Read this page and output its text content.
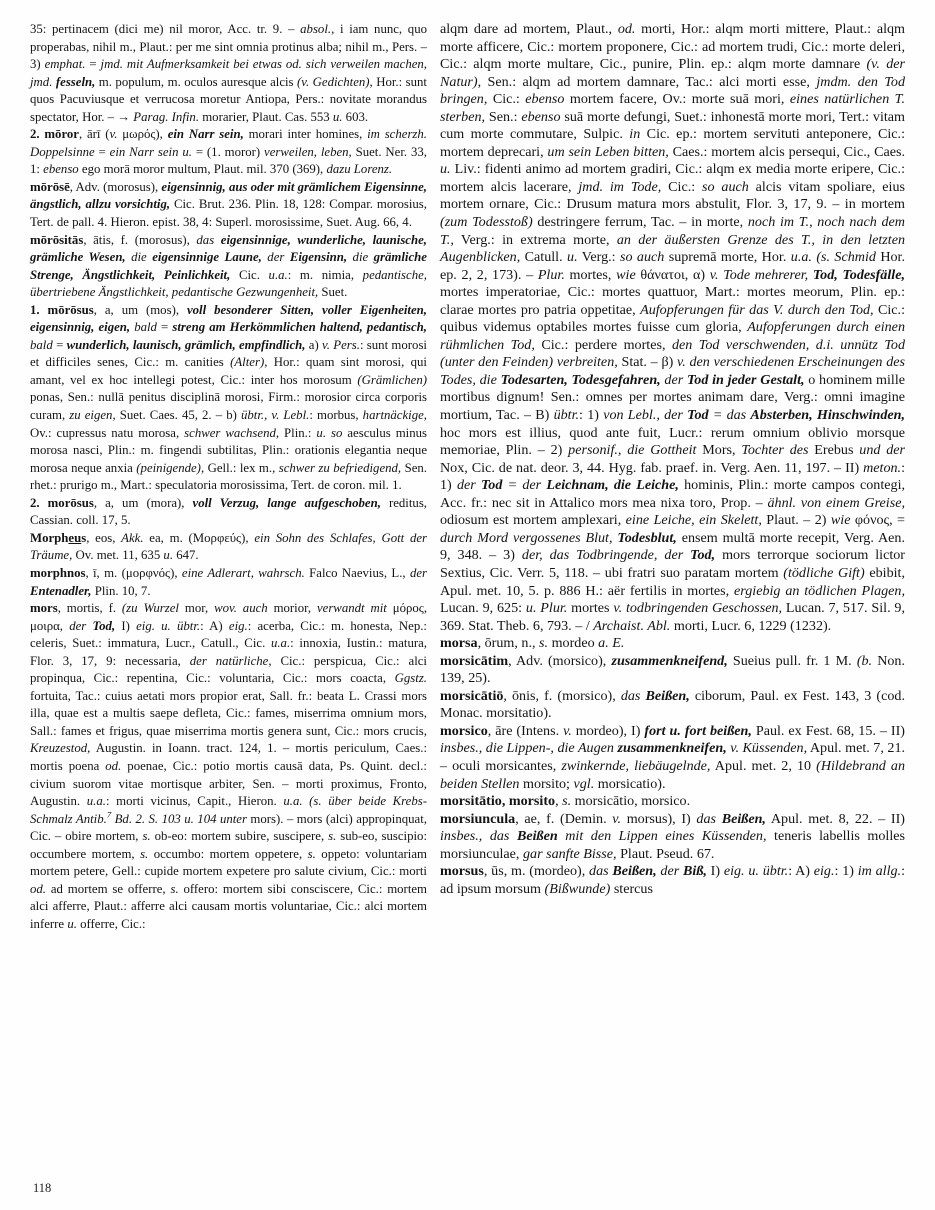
35: pertinacem (dici me) nil moror, Acc. tr. 9. – absol., i iam nunc, quo properabas, nihil m., Plaut.: per me sint omnia protinus alba; nihil m., Pers. – 3) emphat. = jmd. mit Aufmerksamkeit bei etwas od. sich verweilen machen, jmd. fesseln, m. populum, m. oculos auresque alcis (v. Gedichten), Hor.: sunt quos Pacuviusque et verrucosa moretur Antiopa, Pers.: novitate morandus spectator, Hor. – → Parag. Infin. morarier, Plaut. Cas. 553 u. 603.

2. mōror, ārī (v. μωρός), ein Narr sein, morari inter homines, im scherzh. Doppelsinne = ein Narr sein u. = (1. moror) verweilen, leben, Suet. Ner. 33, 1: ebenso ego morā moror multum, Plaut. mil. 370 (369), dazu Lorenz.

mōrōsē, Adv. (morosus), eigensinnig, aus oder mit grämlichem Eigensinne, ängstlich, allzu vorsichtig, Cic. Brut. 236. Plin. 18, 128: Compar. morosius, Tert. de pall. 4. Hieron. epist. 38, 4: Superl. morosissime, Suet. Aug. 66, 4.

mōrōsitās, ātis, f. (morosus), das eigensinnige, wunderliche, launische, grämliche Wesen, die eigensinnige Laune, der Eigensinn, die grämliche Strenge, Ängstlichkeit, Peinlichkeit, Cic. u.a.: m. nimia, pedantische, übertriebene Ängstlichkeit, pedantische Gezwungenheit, Suet.

1. mōrōsus, a, um (mos), voll besonderer Sitten, voller Eigenheiten, eigensinnig, eigen, bald = streng am Herkömmlichen haltend, pedantisch, bald = wunderlich, launisch, grämlich, empfindlich, a) v. Pers.: sunt morosi et difficiles senes, Cic.: m. canities (Alter), Hor.: quam sint morosi, qui amant, vel ex hoc intellegi potest, Cic.: inter hos morosum (Grämlichen) ponas, Sen.: nullā penitus disciplinā morosi, Firm.: morosior circa corporis curam, zu eigen, Suet. Caes. 45, 2. – b) übtr., v. Lebl.: morbus, hartnäckige, Ov.: cupressus natu morosa, schwer wachsend, Plin.: u. so aesculus minus morosa nasci, Plin.: m. fingendi subtilitas, Plin.: orationis elegantia neque morosa neque anxia (peinigende), Gell.: lex m., schwer zu befriedigend, Sen. rhet.: prurigo m., Mart.: speculatoria morosissima, Tert. de coron. mil. 1.

2. morōsus, a, um (mora), voll Verzug, lange aufgeschoben, reditus, Cassian. coll. 17, 5.

Morpheus, eos, Akk. ea, m. (Μορφεύς), ein Sohn des Schlafes, Gott der Träume, Ov. met. 11, 635 u. 647.

morphnos, ī, m. (μορφνός), eine Adlerart, wahrsch. Falco Naevius, L., der Entenadler, Plin. 10, 7.

mors, mortis, f. (zu Wurzel mor, wov. auch morior, verwandt mit μόρος, μοιρα, der Tod, I) eig. u. übtr.: A) eig.: acerba, Cic.: m. honesta, Nep.: celeris, Suet.: immatura, Lucr., Catull., Cic. u.a.: innoxia, Iustin.: matura, Flor. 3, 17, 9: necessaria, der natürliche, Cic.: perspicua, Cic.: alci propinqua, Cic.: repentina, Cic.: voluntaria, Cic.: mors coacta, Ggstz. fortuita, Tac.: cuius aetati mors propior erat, Sall. fr.: beata L. Crassi mors illa, quae est a multis saepe defleta, Cic.: fames, miserrima omnium mors, Sall.: fames et frigus, quae miserrima mortis genera sunt, Cic.: mors crucis, Kreuzestod, Augustin. in Ioann. tract. 124, 1. – mortis periculum, Caes.: mortis poena od. poenae, Cic.: potio mortis causā data, Ps. Quint. decl.: civium suorom vitae mortisque arbiter, Sen. – morti proximus, Fronto, Augustin. u.a.: morti vicinus, Capit., Hieron. u.a. (s. über beide Krebs-Schmalz Antib.$^7$ Bd. 2. S. 103 u. 104 unter mors). – mors (alci) appropinquat, Cic. – obire mortem, s. ob-eo: mortem subire, suscipere, s. sub-eo, suscipio: occumbere mortem, s. occumbo: mortem oppetere, s. oppeto: voluntariam mortem petere, Gell.: cupide mortem expetere pro salute civium, Cic.: morti od. ad mortem se offerre, s. offero: mortem sibi consciscere, Cic.: mortem alci afferre, Plaut.: afferre alci causam mortis voluntariae, Cic.: alci mortem inferre u. offerre, Cic.:

alqm dare ad mortem, Plaut., od. morti, Hor.: alqm morti mittere, Plaut.: alqm morte afficere, Cic.: mortem proponere, Cic.: ad mortem trudi, Cic.: morte deleri, Cic.: alqm morte multare, Cic., punire, Plin. ep.: alqm morte damnare (v. der Natur), Sen.: alqm ad mortem damnare, Tac.: alci morti esse, jmdm. den Tod bringen, Cic.: ebenso mortem facere, Ov.: morte suā mori, eines natürlichen T. sterben, Sen.: ebenso suā morte defungi, Suet.: inhonestā morte mori, Tert.: vitam cum morte commutare, Sulpic. in Cic. ep.: mortem servituti anteponere, Cic.: mortem deprecari, um sein Leben bitten, Caes.: mortem alcis persequi, Cic., Caes. u. Liv.: fidenti animo ad mortem gradiri, Cic.: alqm ex media morte eripere, Cic.: mortem alcis lacerare, jmd. im Tode, Cic.: so auch alcis vitam spoliare, eius mortem ornare, Cic.: Drusum matura mors abstulit, Flor. 3, 17, 9. – in mortem (zum Todesstoß) destringere ferrum, Tac. – in morte, noch im T., noch nach dem T., Verg.: in extrema morte, an der äußersten Grenze des T., in den letzten Augenblicken, Catull. u. Verg.: so auch supremā morte, Hor. u.a. (s. Schmid Hor. ep. 2, 2, 173). – Plur. mortes, wie θάνατοι, α) v. Tode mehrerer, Tod, Todesfälle, mortes imperatoriae, Cic.: mortes quattuor, Mart.: mortes meorum, Plin. ep.: clarae mortes pro patria oppetitae, Aufopferungen für das V. durch den Tod, Cic.: quibus videmus optabiles mortes fuisse cum gloria, Aufopferungen durch einen rühmlichen Tod, Cic.: perdere mortes, den Tod verschwenden, d.i. unnütz Tod (unter den Feinden) verbreiten, Stat. – β) v. den verschiedenen Erscheinungen des Todes, die Todesarten, Todesgefahren, der Tod in jeder Gestalt, o hominem mille mortibus dignum! Sen.: omnes per mortes animam dare, Verg.: omni imagine mortium, Tac. – B) übtr.: 1) von Lebl., der Tod = das Absterben, Hinschwinden, hoc mors est illius, quod ante fuit, Lucr.: rerum omnium oblivio morsque memoriae, Plin. – 2) personif., die Gottheit Mors, Tochter des Erebus und der Nox, Cic. de nat. deor. 3, 44. Hyg. fab. praef. in. Verg. Aen. 11, 197. – II) meton.: 1) der Tod = der Leichnam, die Leiche, hominis, Plin.: morte campos contegi, Acc. fr.: nec sit in Attalico mors mea nixa toro, Prop. – ähnl. von einem Greise, odiosum est mortem amplexari, eine Leiche, ein Skelett, Plaut. – 2) wie φόνος, = durch Mord vergossenes Blut, Todesblut, ensem multā morte recepit, Verg. Aen. 9, 348. – 3) der, das Todbringende, der Tod, mors terrorque sociorum lictor Sextius, Cic. Verr. 5, 118. – ubi fratri suo paratam mortem (tödliche Gift) ebibit, Apul. met. 10, 5. p. 886 H.: aër fertilis in mortes, ergiebig an tödlichen Plagen, Lucan. 9, 625: u. Plur. mortes v. todbringenden Geschossen, Lucan. 7, 517. Sil. 9, 369. Stat. Theb. 6, 793. – / Archaist. Abl. morti, Lucr. 6, 1229 (1232).

morsa, ōrum, n., s. mordeo a. E.

morsicātim, Adv. (morsico), zusammenkneifend, Sueius pull. fr. 1 M. (b. Non. 139, 25).

morsicātiō, ōnis, f. (morsico), das Beißen, ciborum, Paul. ex Fest. 143, 3 (cod. Monac. morsitatio).

morsico, āre (Intens. v. mordeo), I) fort u. fort beißen, Paul. ex Fest. 68, 15. – II) insbes., die Lippen-, die Augen zusammenkneifen, v. Küssenden, Apul. met. 7, 21. – oculi morsicantes, zwinkernde, liebäugelnde, Apul. met. 2, 10 (Hildebrand an beiden Stellen morsito; vgl. morsicatio).

morsitātio, morsito, s. morsicātio, morsico.

morsiuncula, ae, f. (Demin. v. morsus), I) das Beißen, Apul. met. 8, 22. – II) insbes., das Beißen mit den Lippen eines Küssenden, teneris labellis molles morsiunculae, gar sanfte Bisse, Plaut. Pseud. 67.

morsus, ūs, m. (mordeo), das Beißen, der Biß, I) eig. u. übtr.: A) eig.: 1) im allg.: ad ipsum morsum (Bißwunde) stercus

118
